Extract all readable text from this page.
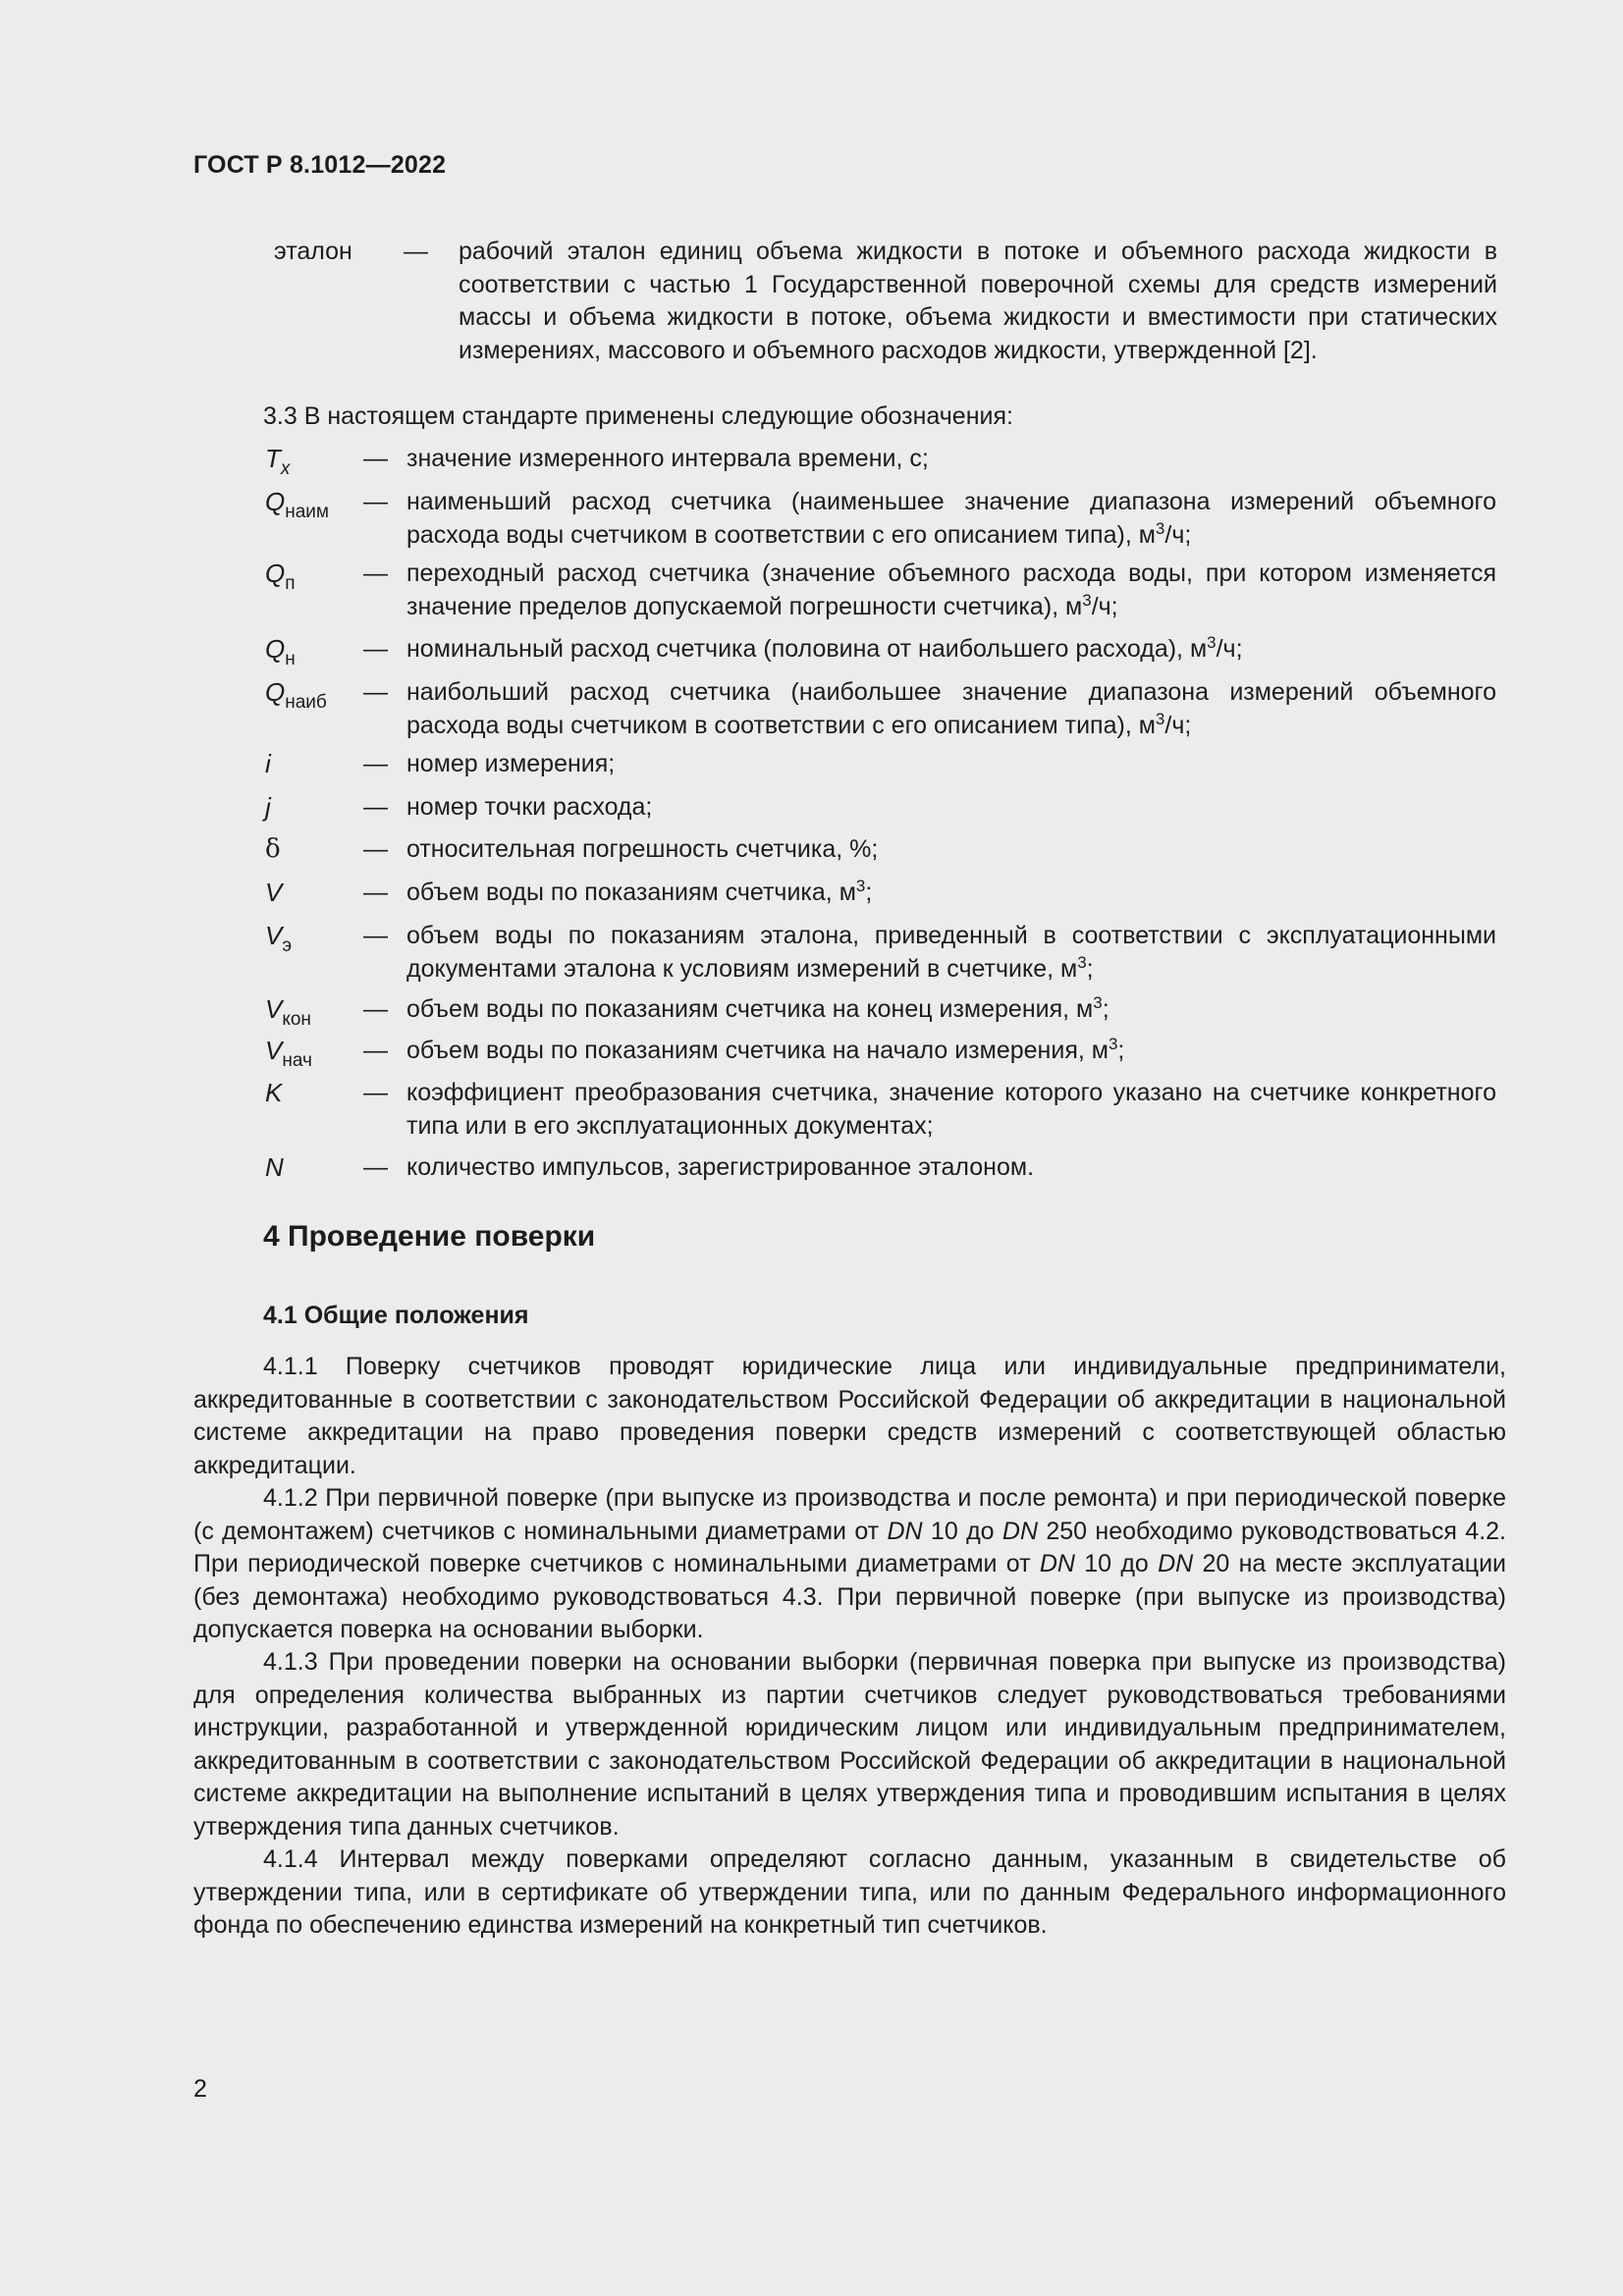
ГОСТ Р 8.1012—2022
эталон — рабочий эталон единиц объема жидкости в потоке и объемного расхода жидкости в соответствии с частью 1 Государственной поверочной схемы для средств измерений массы и объема жидкости в потоке, объема жидкости и вместимости при статических измерениях, массового и объемного расходов жидкости, утвержденной [2].
3.3 В настоящем стандарте применены следующие обозначения:
$T_x$	— значение измеренного интервала времени, с;
$Q_{наим}$ — наименьший расход счетчика (наименьшее значение диапазона измерений объемного расхода воды счетчиком в соответствии с его описанием типа), $м^3/ч$;
$Q_п$	— переходный расход счетчика (значение объемного расхода воды, при котором изменяется значение пределов допускаемой погрешности счетчика), $м^3/ч$;
$Q_н$	— номинальный расход счетчика (половина от наибольшего расхода), $м^3/ч$;
$Q_{наиб}$ — наибольший расход счетчика (наибольшее значение диапазона измерений объемного расхода воды счетчиком в соответствии с его описанием типа), $м^3/ч$;
i	— номер измерения;
j	— номер точки расхода;
δ	— относительная погрешность счетчика, %;
V	— объем воды по показаниям счетчика, $м^3$;
$V_э$	— объем воды по показаниям эталона, приведенный в соответствии с эксплуатационными документами эталона к условиям измерений в счетчике, $м^3$;
$V_{кон}$ — объем воды по показаниям счетчика на конец измерения, $м^3$;
$V_{нач}$ — объем воды по показаниям счетчика на начало измерения, $м^3$;
K	— коэффициент преобразования счетчика, значение которого указано на счетчике конкретного типа или в его эксплуатационных документах;
N	— количество импульсов, зарегистрированное эталоном.
4 Проведение поверки
4.1 Общие положения
4.1.1 Поверку счетчиков проводят юридические лица или индивидуальные предприниматели, аккредитованные в соответствии с законодательством Российской Федерации об аккредитации в национальной системе аккредитации на право проведения поверки средств измерений с соответствующей областью аккредитации.
4.1.2 При первичной поверке (при выпуске из производства и после ремонта) и при периодической поверке (с демонтажем) счетчиков с номинальными диаметрами от DN 10 до DN 250 необходимо руководствоваться 4.2. При периодической поверке счетчиков с номинальными диаметрами от DN 10 до DN 20 на месте эксплуатации (без демонтажа) необходимо руководствоваться 4.3. При первичной поверке (при выпуске из производства) допускается поверка на основании выборки.
4.1.3 При проведении поверки на основании выборки (первичная поверка при выпуске из производства) для определения количества выбранных из партии счетчиков следует руководствоваться требованиями инструкции, разработанной и утвержденной юридическим лицом или индивидуальным предпринимателем, аккредитованным в соответствии с законодательством Российской Федерации об аккредитации в национальной системе аккредитации на выполнение испытаний в целях утверждения типа и проводившим испытания в целях утверждения типа данных счетчиков.
4.1.4 Интервал между поверками определяют согласно данным, указанным в свидетельстве об утверждении типа, или в сертификате об утверждении типа, или по данным Федерального информационного фонда по обеспечению единства измерений на конкретный тип счетчиков.
2
